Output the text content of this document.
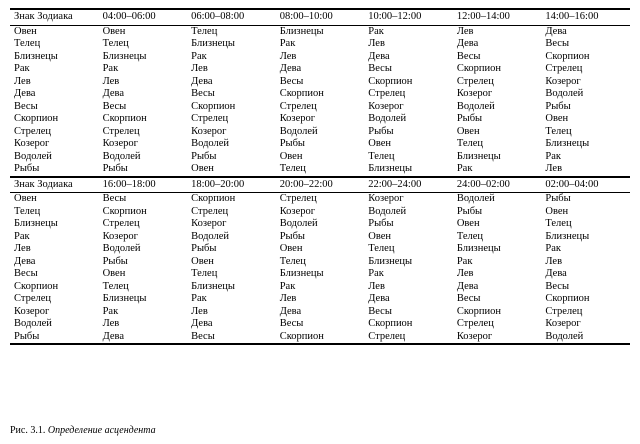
Знак Зодиака	04:00–06:00	06:00–08:00	08:00–10:00	10:00–12:00	12:00–14:00	14:00–16:00
Овен	Овен	Телец	Близнецы	Рак	Лев	Дева
Телец	Телец	Близнецы	Рак	Лев	Дева	Весы
Близнецы	Близнецы	Рак	Лев	Дева	Весы	Скорпион
Рак	Рак	Лев	Дева	Весы	Скорпион	Стрелец
Лев	Лев	Дева	Весы	Скорпион	Стрелец	Козерог
Дева	Дева	Весы	Скорпион	Стрелец	Козерог	Водолей
Весы	Весы	Скорпион	Стрелец	Козерог	Водолей	Рыбы
Скорпион	Скорпион	Стрелец	Козерог	Водолей	Рыбы	Овен
Стрелец	Стрелец	Козерог	Водолей	Рыбы	Овен	Телец
Козерог	Козерог	Водолей	Рыбы	Овен	Телец	Близнецы
Водолей	Водолей	Рыбы	Овен	Телец	Близнецы	Рак
Рыбы	Рыбы	Овен	Телец	Близнецы	Рак	Лев
Знак Зодиака	16:00–18:00	18:00–20:00	20:00–22:00	22:00–24:00	24:00–02:00	02:00–04:00
Овен	Весы	Скорпион	Стрелец	Козерог	Водолей	Рыбы
Телец	Скорпион	Стрелец	Козерог	Водолей	Рыбы	Овен
Близнецы	Стрелец	Козерог	Водолей	Рыбы	Овен	Телец
Рак	Козерог	Водолей	Рыбы	Овен	Телец	Близнецы
Лев	Водолей	Рыбы	Овен	Телец	Близнецы	Рак
Дева	Рыбы	Овен	Телец	Близнецы	Рак	Лев
Весы	Овен	Телец	Близнецы	Рак	Лев	Дева
Скорпион	Телец	Близнецы	Рак	Лев	Дева	Весы
Стрелец	Близнецы	Рак	Лев	Дева	Весы	Скорпион
Козерог	Рак	Лев	Дева	Весы	Скорпион	Стрелец
Водолей	Лев	Дева	Весы	Скорпион	Стрелец	Козерог
Рыбы	Дева	Весы	Скорпион	Стрелец	Козерог	Водолей
Рис. 3.1. Определение асцендента
